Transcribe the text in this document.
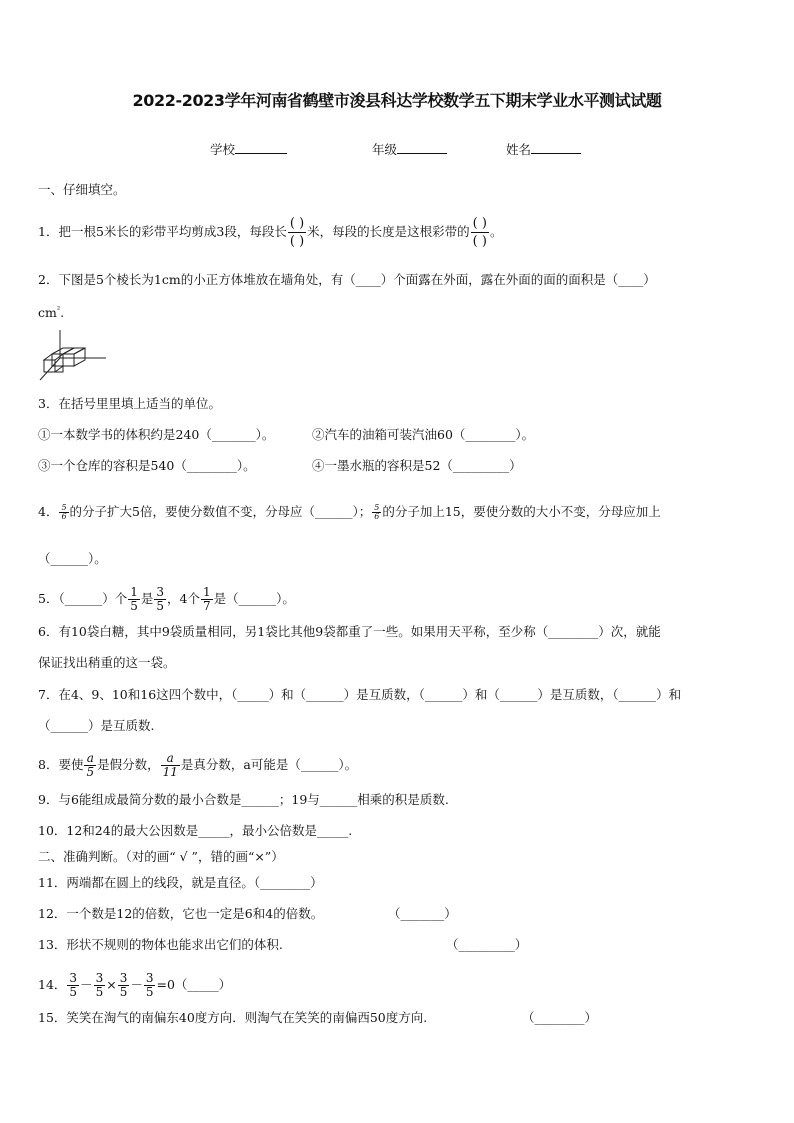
2022-2023学年河南省鹤壁市浚县科达学校数学五下期末学业水平测试试题
学校	年级	姓名
一、仔细填空。
1．把一根5米长的彩带平均剪成3段，每段长 $\frac{( )}{( )}$ 米，每段的长度是这根彩带的 $\frac{( )}{( )}$ 。
2．下图是5个棱长为1cm的小正方体堆放在墙角处，有（____）个面露在外面，露在外面的面的面积是（____）
$cm^{^2}$.
3．在括号里里填上适当的单位。
①一本数学书的体积约是240（_______）。	②汽车的油箱可装汽油60（________）。
③一个仓库的容积是540（________）。	④一墨水瓶的容积是52（_________）
4． $\frac{5}{6}$ 的分子扩大5倍，要使分数值不变，分母应（______）； $\frac{5}{6}$ 的分子加上15，要使分数的大小不变，分母应加上
（______）。
5．（______）个 $\frac{1}{5}$ 是 $\frac{3}{5}$ ，4个 $\frac{1}{7}$ 是（______）。
6．有10袋白糖，其中9袋质量相同，另1袋比其他9袋都重了一些。如果用天平称，至少称（________）次，就能
保证找出稍重的这一袋。
7．在4、9、10和16这四个数中，（_____）和（______）是互质数，（______）和（______）是互质数，（______）和
（______）是互质数.
8．要使 $\frac{a}{5}$ 是假分数， $\frac{a}{11}$ 是真分数，a可能是（______）。
9．与6能组成最简分数的最小合数是______；19与______相乘的积是质数.
10．12和24的最大公因数是_____，最小公倍数是_____.
二、准确判断。（对的画“ √ ”，错的画“×”）
11．两端都在圆上的线段，就是直径。（________）
12．一个数是12的倍数，它也一定是6和4的倍数。	（_______）
13．形状不规则的物体也能求出它们的体积.	（_________）
14． $\frac{3}{5} - \frac{3}{5} \times \frac{3}{5} - \frac{3}{5}$ =0（_____）
15．笑笑在淘气的南偏东40度方向．则淘气在笑笑的南偏西50度方向.	（________）
